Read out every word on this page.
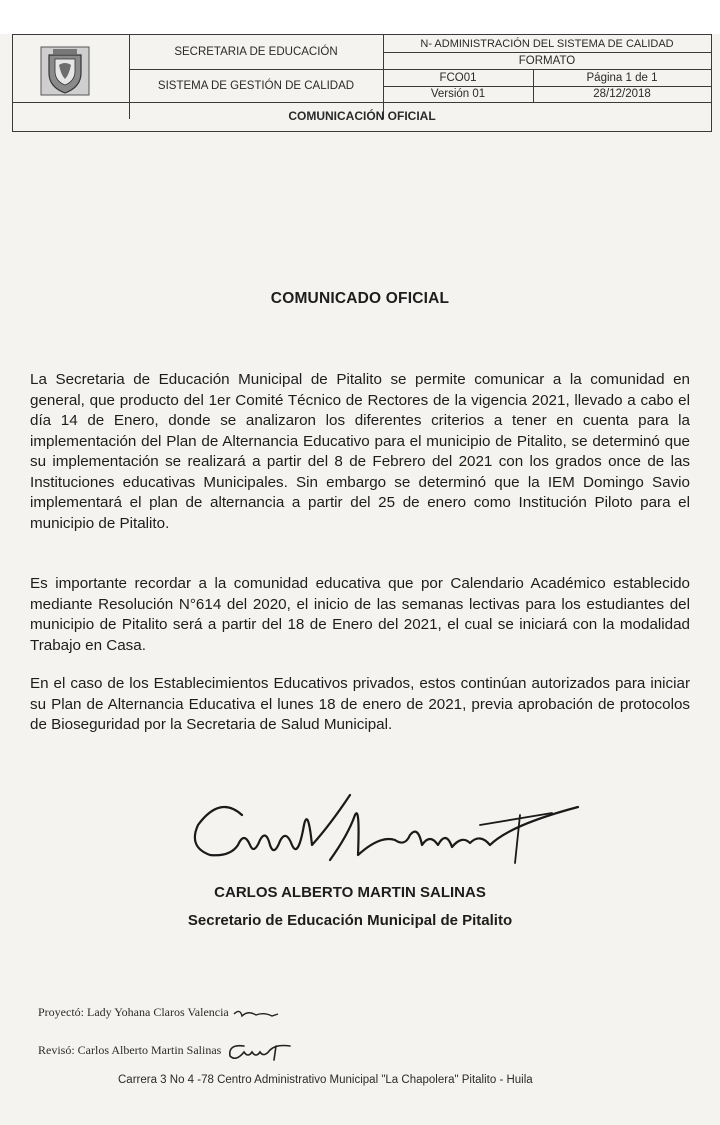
SECRETARIA DE EDUCACIÓN
SISTEMA DE GESTIÓN DE CALIDAD
N- ADMINISTRACIÓN DEL SISTEMA DE CALIDAD
FORMATO
FCO01	Página 1 de 1
Versión 01	28/12/2018
COMUNICACIÓN OFICIAL
COMUNICADO OFICIAL
La Secretaria de Educación Municipal de Pitalito se permite comunicar a la comunidad en general, que producto del 1er Comité Técnico de Rectores de la vigencia 2021, llevado a cabo el día 14 de Enero, donde se analizaron los diferentes criterios a tener en cuenta para la implementación del Plan de Alternancia Educativo para el municipio de Pitalito, se determinó que su implementación se realizará a partir del 8 de Febrero del 2021 con los grados once de las Instituciones educativas Municipales. Sin embargo se determinó que la IEM Domingo Savio implementará el plan de alternancia a partir del 25 de enero como Institución Piloto para el municipio de Pitalito.
Es importante recordar a la comunidad educativa que por Calendario Académico establecido mediante Resolución N°614 del 2020, el inicio de las semanas lectivas para los estudiantes del municipio de Pitalito será a partir del 18 de Enero del 2021, el cual se iniciará con la modalidad Trabajo en Casa.
En el caso de los Establecimientos Educativos privados, estos continúan autorizados para iniciar su Plan de Alternancia Educativa el lunes 18 de enero de 2021, previa aprobación de protocolos de Bioseguridad por la Secretaria de Salud Municipal.
CARLOS ALBERTO MARTIN SALINAS
Secretario de Educación Municipal de Pitalito
Proyectó: Lady Yohana Claros Valencia
Revisó: Carlos Alberto Martin Salinas
Carrera 3 No 4 -78 Centro Administrativo Municipal "La Chapolera" Pitalito - Huila
